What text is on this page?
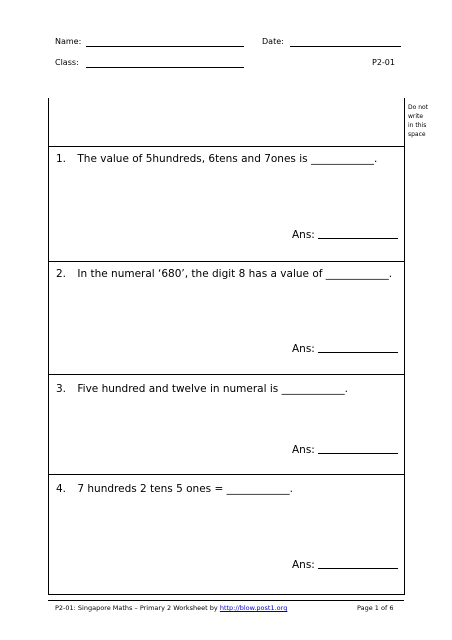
Name:	Date:
Class:	P2-01
Do not
write
in this
space
1. The value of 5hundreds, 6tens and 7ones is ____________.
Ans:
2. In the numeral ‘680’, the digit 8 has a value of ____________.
Ans:
3. Five hundred and twelve in numeral is ____________.
Ans:
4. 7 hundreds 2 tens 5 ones = ____________.
Ans:
P2-01: Singapore Maths – Primary 2 Worksheet by http://blow.post1.org	Page 1 of 6
